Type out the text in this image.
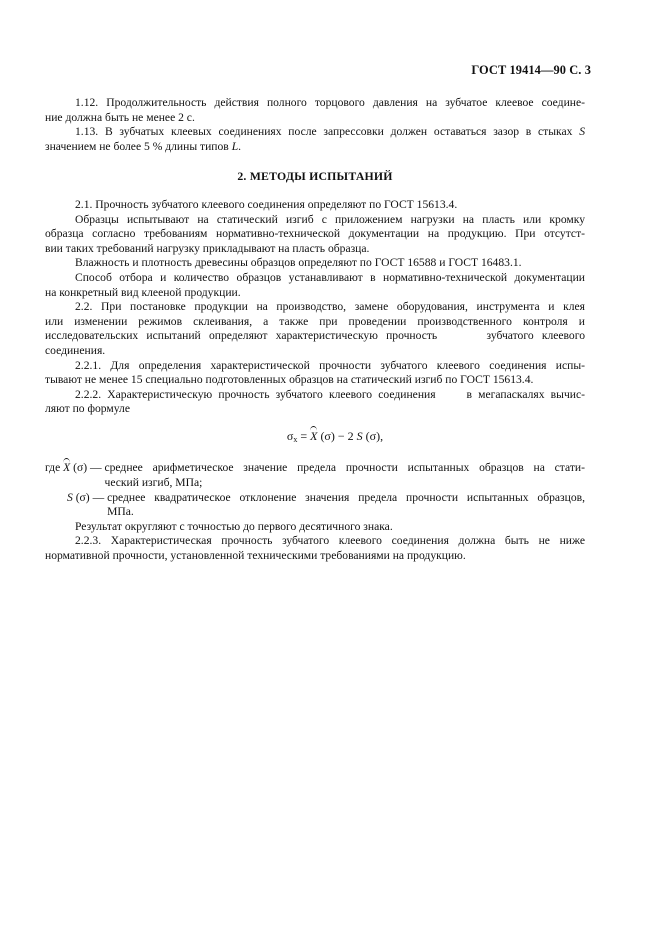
ГОСТ 19414—90 С. 3

1.12. Продолжительность действия полного торцового давления на зубчатое клеевое соедине-

ние должна быть не менее 2 с.

1.13. В зубчатых клеевых соединениях после запрессовки должен оставаться зазор в стыках S

значением не более 5 % длины типов L.

2. МЕТОДЫ ИСПЫТАНИЙ

2.1. Прочность зубчатого клеевого соединения определяют по ГОСТ 15613.4.

Образцы испытывают на статический изгиб с приложением нагрузки на пласть или кромку

образца согласно требованиям нормативно-технической документации на продукцию. При отсутст-

вии таких требований нагрузку прикладывают на пласть образца.

Влажность и плотность древесины образцов определяют по ГОСТ 16588 и ГОСТ 16483.1.

Способ отбора и количество образцов устанавливают в нормативно-технической документации

на конкретный вид клееной продукции.

2.2. При постановке продукции на производство, замене оборудования, инструмента и клея

или изменении режимов склеивания, а также при проведении производственного контроля и

исследовательских испытаний определяют характеристическую прочность      зубчатого клеевого

соединения.

2.2.1. Для определения характеристической прочности зубчатого клеевого соединения испы-

тывают не менее 15 специально подготовленных образцов на статический изгиб по ГОСТ 15613.4.

2.2.2. Характеристическую прочность зубчатого клеевого соединения     в мегапаскалях вычис-

ляют по формуле

$\sigma_x = X$ (σ) − 2 S (σ),
где X (σ) — среднее арифметическое значение предела прочности испытанных образцов на стати-
ческий изгиб, МПа;
S (σ) — среднее квадратическое отклонение значения предела прочности испытанных образцов,
МПа.

Результат округляют с точностью до первого десятичного знака.

2.2.3. Характеристическая прочность зубчатого клеевого соединения должна быть не ниже

нормативной прочности, установленной техническими требованиями на продукцию.
